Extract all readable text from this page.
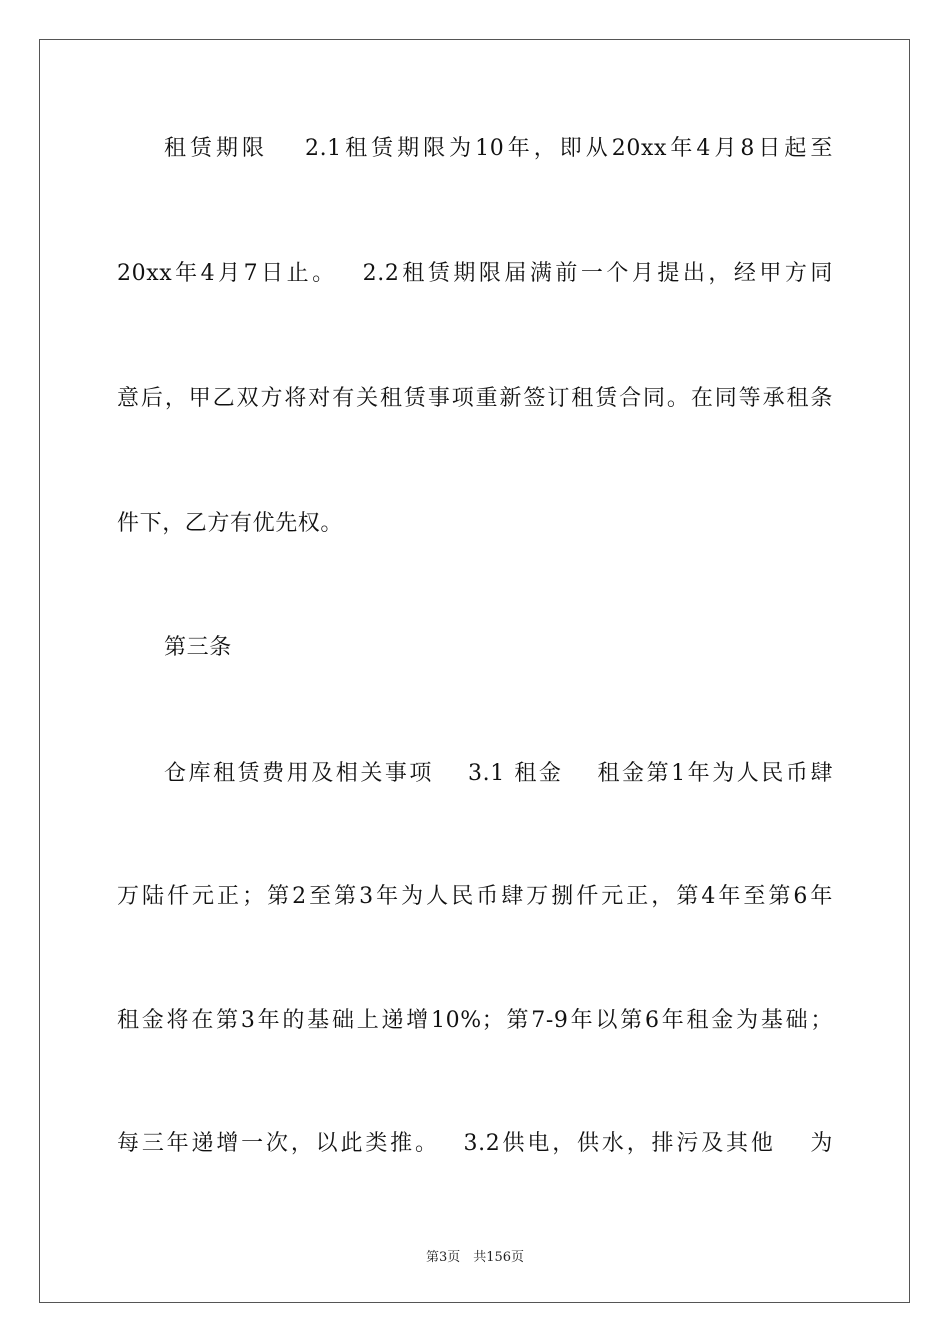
租赁期限　 2.1租赁期限为10年，即从20xx年4月8日起至
20xx年4月7日止。　 2.2租赁期限届满前一个月提出，经甲方同
意后，甲乙双方将对有关租赁事项重新签订租赁合同。在同等承租条
件下，乙方有优先权。
第三条
仓库租赁费用及相关事项　 3.1 租金　 租金第1年为人民币肆
万陆仟元正；第2至第3年为人民币肆万捌仟元正，第4年至第6年
租金将在第3年的基础上递增10%；第7-9年以第6年租金为基础；
每三年递增一次，以此类推。　 3.2供电，供水，排污及其他　 为
第3页　共156页
